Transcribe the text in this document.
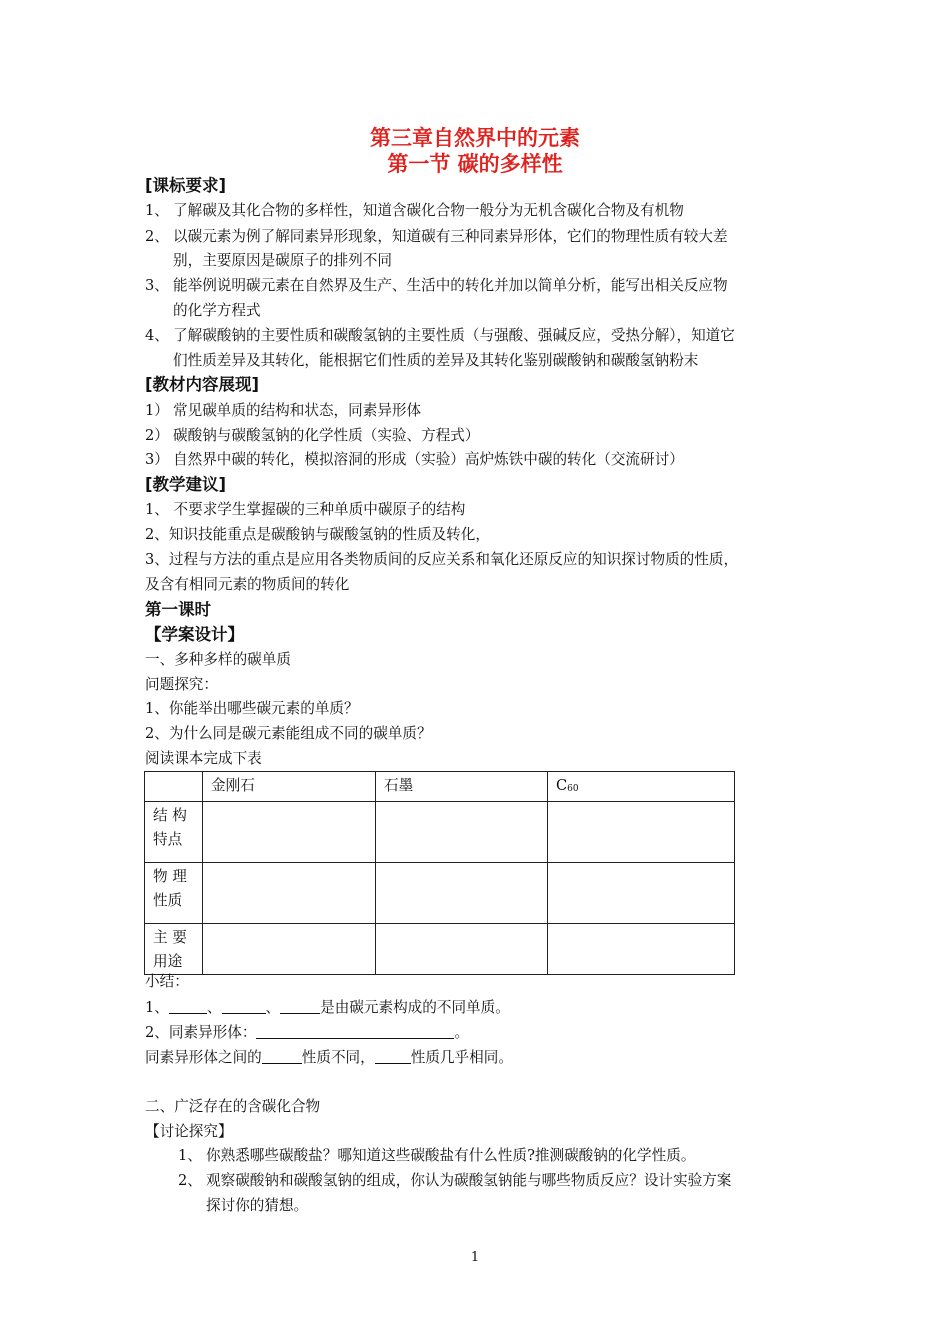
第三章自然界中的元素
第一节 碳的多样性
[课标要求]
1、 了解碳及其化合物的多样性，知道含碳化合物一般分为无机含碳化合物及有机物
2、 以碳元素为例了解同素异形现象，知道碳有三种同素异形体，它们的物理性质有较大差
别，主要原因是碳原子的排列不同
3、 能举例说明碳元素在自然界及生产、生活中的转化并加以简单分析，能写出相关反应物
的化学方程式
4、 了解碳酸钠的主要性质和碳酸氢钠的主要性质（与强酸、强碱反应，受热分解），知道它
们性质差异及其转化，能根据它们性质的差异及其转化鉴别碳酸钠和碳酸氢钠粉末
[教材内容展现]
1） 常见碳单质的结构和状态，同素异形体
2） 碳酸钠与碳酸氢钠的化学性质（实验、方程式）
3） 自然界中碳的转化，模拟溶洞的形成（实验）高炉炼铁中碳的转化（交流研讨）
[教学建议]
1、 不要求学生掌握碳的三种单质中碳原子的结构
2、知识技能重点是碳酸钠与碳酸氢钠的性质及转化，
3、过程与方法的重点是应用各类物质间的反应关系和氧化还原反应的知识探讨物质的性质，
及含有相同元素的物质间的转化
第一课时
【学案设计】
一、多种多样的碳单质
问题探究：
1、你能举出哪些碳元素的单质？
2、为什么同是碳元素能组成不同的碳单质？
阅读课本完成下表
	金刚石	石墨	$C_{60}$

结 构
特点			

物 理
性质			

主 要
用途			

小结：
1、	、	、	是由碳元素构成的不同单质。
2、同素异形体：	。
同素异形体之间的	性质不同， 性质几乎相同。
二、广泛存在的含碳化合物
【讨论探究】
1、 你熟悉哪些碳酸盐？哪知道这些碳酸盐有什么性质?推测碳酸钠的化学性质。
2、 观察碳酸钠和碳酸氢钠的组成，你认为碳酸氢钠能与哪些物质反应？设计实验方案
探讨你的猜想。
1
